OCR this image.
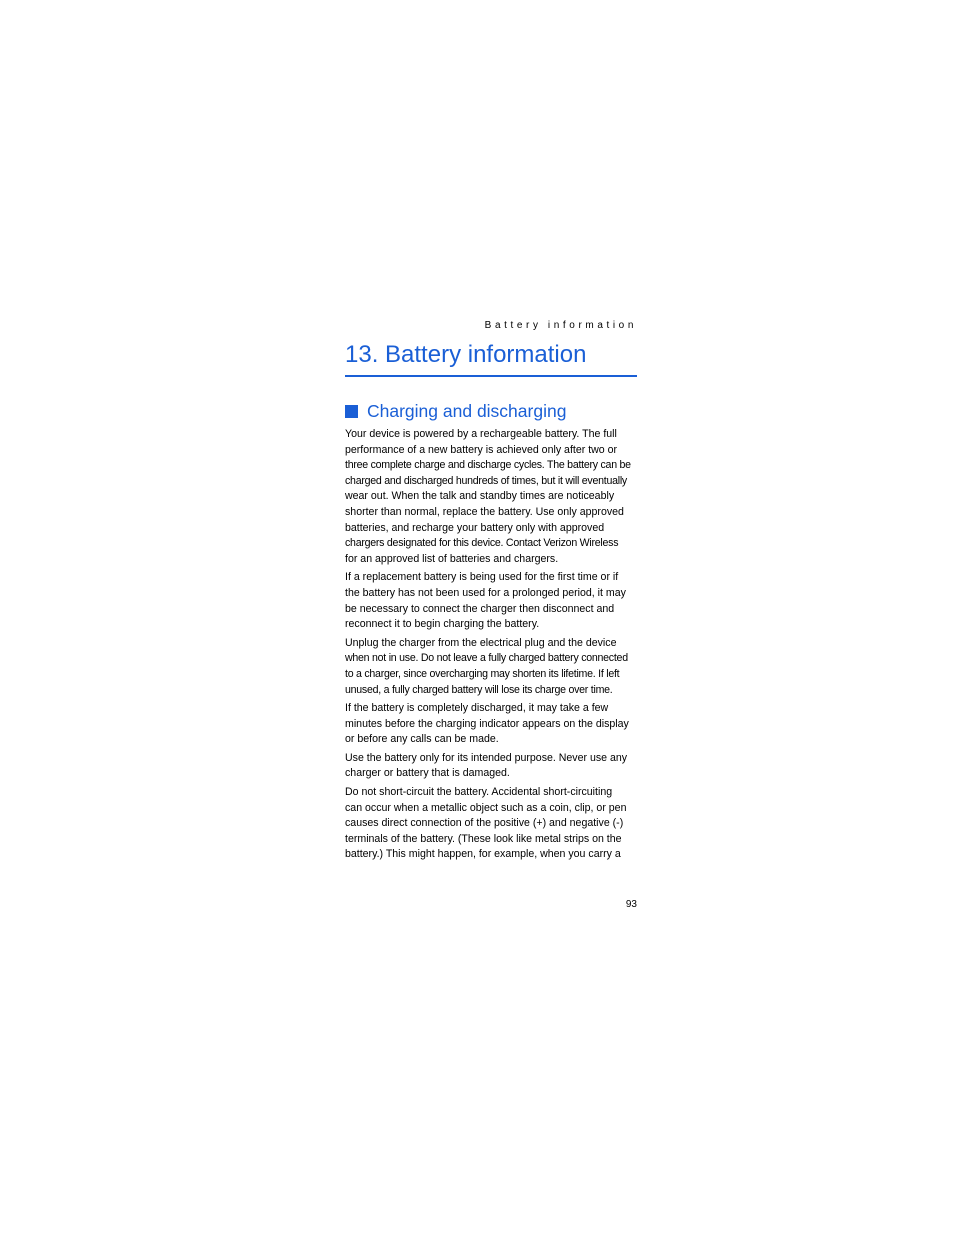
Battery information
13. Battery information
Charging and discharging

Your device is powered by a rechargeable battery. The full
performance of a new battery is achieved only after two or
three complete charge and discharge cycles. The battery can be
charged and discharged hundreds of times, but it will eventually
wear out. When the talk and standby times are noticeably
shorter than normal, replace the battery. Use only approved
batteries, and recharge your battery only with approved
chargers designated for this device. Contact Verizon Wireless
for an approved list of batteries and chargers.

If a replacement battery is being used for the first time or if
the battery has not been used for a prolonged period, it may
be necessary to connect the charger then disconnect and
reconnect it to begin charging the battery.

Unplug the charger from the electrical plug and the device
when not in use. Do not leave a fully charged battery connected
to a charger, since overcharging may shorten its lifetime. If left
unused, a fully charged battery will lose its charge over time.

If the battery is completely discharged, it may take a few
minutes before the charging indicator appears on the display
or before any calls can be made.

Use the battery only for its intended purpose. Never use any
charger or battery that is damaged.

Do not short-circuit the battery. Accidental short-circuiting
can occur when a metallic object such as a coin, clip, or pen
causes direct connection of the positive (+) and negative (-)
terminals of the battery. (These look like metal strips on the
battery.) This might happen, for example, when you carry a

93
